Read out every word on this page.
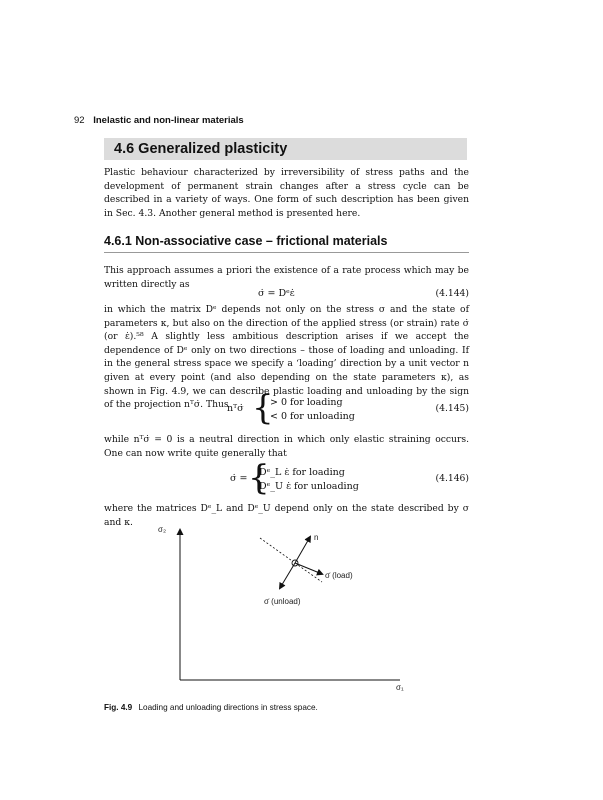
92 Inelastic and non-linear materials
4.6 Generalized plasticity
Plastic behaviour characterized by irreversibility of stress paths and the development of permanent strain changes after a stress cycle can be described in a variety of ways. One form of such description has been given in Sec. 4.3. Another general method is presented here.
4.6.1 Non-associative case – frictional materials
This approach assumes a priori the existence of a rate process which may be written directly as
σ̇ = Dᵉε̇	(4.144)
in which the matrix Dᵉ depends not only on the stress σ and the state of parameters κ, but also on the direction of the applied stress (or strain) rate σ̇ (or ε̇).⁵⁸ A slightly less ambitious description arises if we accept the dependence of Dᵉ only on two directions – those of loading and unloading. If in the general stress space we specify a ‘loading’ direction by a unit vector n given at every point (and also depending on the state parameters κ), as shown in Fig. 4.9, we can describe plastic loading and unloading by the sign of the projection nᵀσ̇. Thus
nᵀσ̇ {
> 0 for loading
< 0 for unloading
(4.145)
while nᵀσ̇ = 0 is a neutral direction in which only elastic straining occurs. One can now write quite generally that
σ̇ = {
Dᵉ_L ε̇ for loading
Dᵉ_U ε̇ for unloading
(4.146)
where the matrices Dᵉ_L and Dᵉ_U depend only on the state described by σ and κ.
σ₂
σ₁
n
σ̇ (load)
σ̇ (unload)
Fig. 4.9 Loading and unloading directions in stress space.
